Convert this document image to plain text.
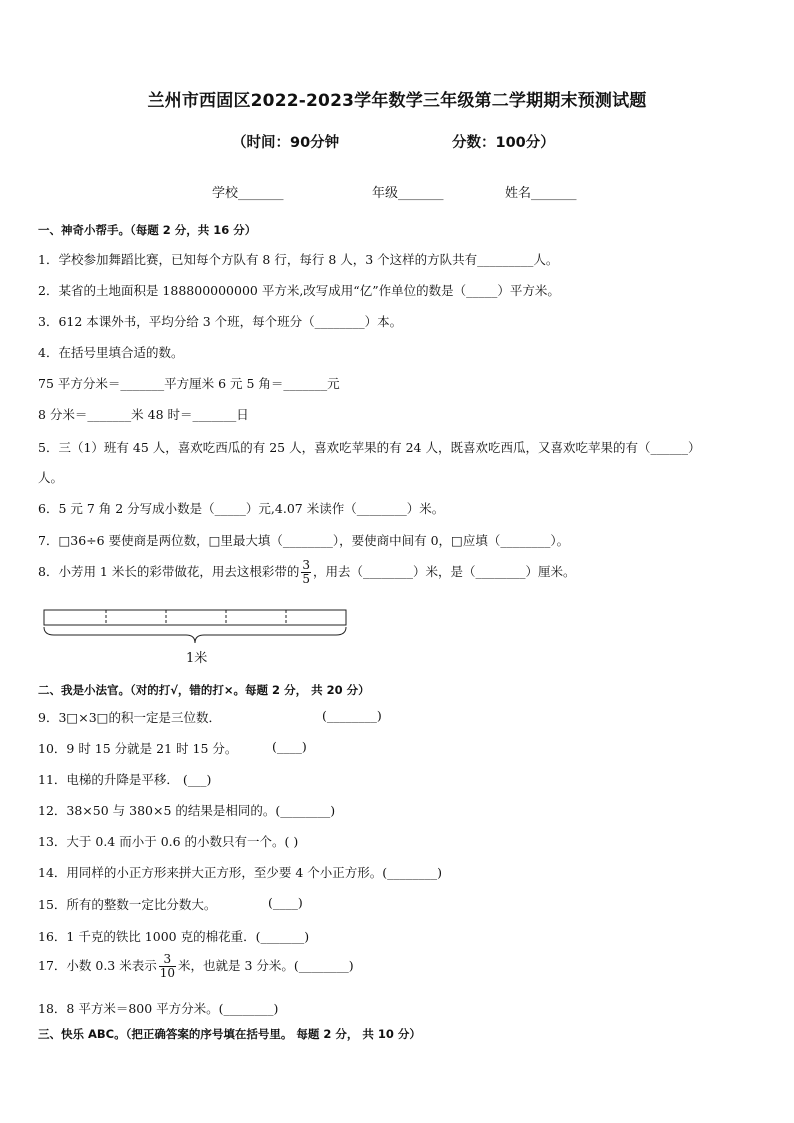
兰州市西固区2022-2023学年数学三年级第二学期期末预测试题
（时间：90分钟	分数：100分）
学校_______	年级_______	姓名_______
一、神奇小帮手。（每题 2 分，共 16 分）
1．学校参加舞蹈比赛，已知每个方队有 8 行，每行 8 人，3 个这样的方队共有_________人。
2．某省的土地面积是 188800000000 平方米,改写成用“亿”作单位的数是（_____）平方米。
3．612 本课外书，平均分给 3 个班，每个班分（________）本。
4．在括号里填合适的数。
75 平方分米＝_______平方厘米 6 元 5 角＝_______元
8 分米＝_______米 48 时＝_______日
5．三（1）班有 45 人，喜欢吃西瓜的有 25 人，喜欢吃苹果的有 24 人，既喜欢吃西瓜，又喜欢吃苹果的有（______）
人。
6．5 元 7 角 2 分写成小数是（_____）元,4.07 米读作（________）米。
7．□36÷6 要使商是两位数，□里最大填（________），要使商中间有 0，□应填（________）。
8．小芳用 1 米长的彩带做花，用去这根彩带的 $\frac{3}{5}$ ，用去（________）米，是（________）厘米。
1米
二、我是小法官。（对的打√，错的打×。每题 2 分， 共 20 分）
9．3□×3□的积一定是三位数．	(________)
10．9 时 15 分就是 21 时 15 分。	(____)
11．电梯的升降是平移． (___)
12．38×50 与 380×5 的结果是相同的。(________)
13．大于 0.4 而小于 0.6 的小数只有一个。( )
14．用同样的小正方形来拼大正方形，至少要 4 个小正方形。(________)
15．所有的整数一定比分数大。	(____)
16．1 千克的铁比 1000 克的棉花重．(_______)
17．小数 0.3 米表示 $\frac{3}{10}$ 米，也就是 3 分米。(________)
18．8 平方米＝800 平方分米。(________)
三、快乐 ABC。（把正确答案的序号填在括号里。 每题 2 分， 共 10 分）
